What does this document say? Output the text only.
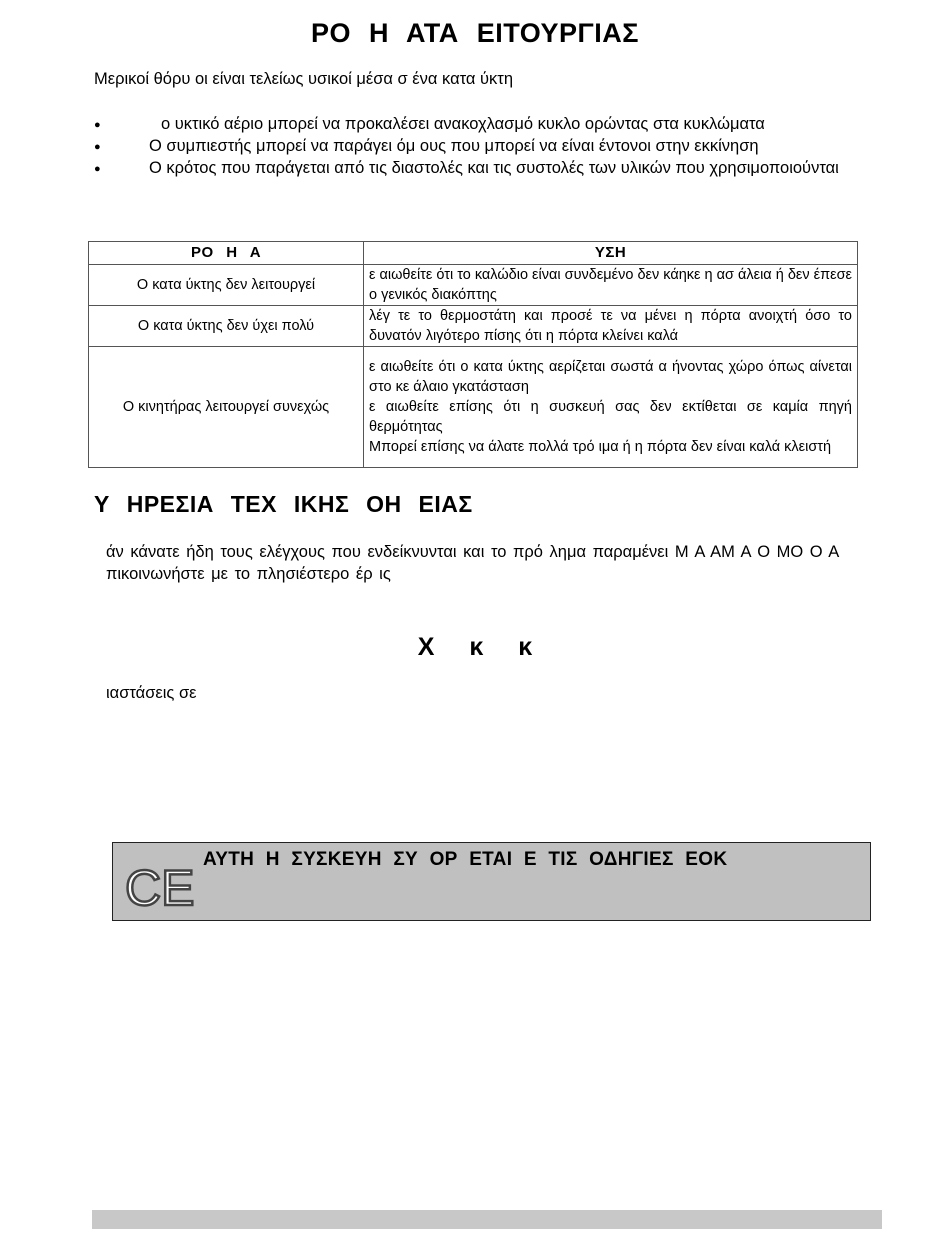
ΡΟ Η ΑΤΑ ΕΙΤΟΥΡΓΙΑΣ
Μερικοί θόρυ οι είναι τελείως υσικοί μέσα σ ένα κατα ύκτη
●	ο υκτικό αέριο μπορεί να προκαλέσει ανακοχλασμό κυκλο ορώντας στα κυκλώματα
●	Ο συμπιεστής μπορεί να παράγει όμ ους που μπορεί να είναι έντονοι στην εκκίνηση
●	Ο κρότος που παράγεται από τις διαστολές και τις συστολές των υλικών που χρησιμοποιούνται
ΡΟ Η Α	ΥΣΗ
Ο κατα ύκτης δεν λειτουργεί	ε αιωθείτε ότι το καλώδιο είναι συνδεμένο δεν κάηκε η ασ άλεια ή δεν έπεσε ο γενικός διακόπτης

Ο κατα ύκτης δεν ύχει πολύ	λέγ τε το θερμοστάτη και προσέ τε να μένει η πόρτα ανοιχτή όσο το δυνατόν λιγότερο πίσης ότι η πόρτα κλείνει καλά

Ο κινητήρας λειτουργεί συνεχώς	ε αιωθείτε ότι ο κατα ύκτης αερίζεται σωστά α ήνοντας χώρο όπως αίνεται στο κε άλαιο γκατάσταση
ε αιωθείτε επίσης ότι η συσκευή σας δεν εκτίθεται σε καμία πηγή θερμότητας
Μπορεί επίσης να άλατε πολλά τρό ιμα ή η πόρτα δεν είναι καλά κλειστή
Υ ΗΡΕΣΙΑ ΤΕΧ ΙΚΗΣ ΟΗ ΕΙΑΣ
άν κάνατε ήδη τους ελέγχους που ενδείκνυνται και το πρό λημα παραμένει Μ Α ΑΜ Α Ο ΜΟ Ο Α πικοινωνήστε με το πλησιέστερο έρ ις
Χ κ κ
ιαστάσεις σε
CE
ΑΥΤΗ Η ΣΥΣΚΕΥΗ ΣΥ ΟΡ ΕΤΑΙ Ε ΤΙΣ ΟΔΗΓΙΕΣ ΕΟΚ
